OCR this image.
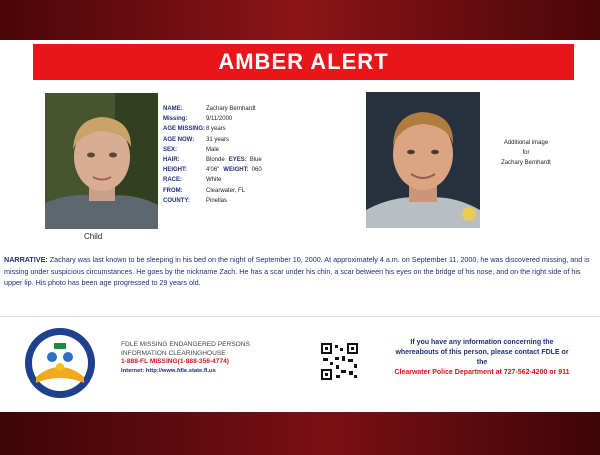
AMBER ALERT
Child
NAME:	Zachary Bernhardt
Missing:	9/11/2000
AGE MISSING:8 years
AGE NOW: 31 years
SEX:	Male
HAIR:	Blonde EYES: Blue
HEIGHT:	4'06" WEIGHT: 060
RACE:	White
FROM:	Clearwater, FL
COUNTY:	Pinellas
Additional image
for
Zachary Bernhardt
NARRATIVE: Zachary was last known to be sleeping in his bed on the night of September 10, 2000. At approximately 4 a.m. on September 11, 2000, he was discovered missing, and is missing under suspicious circumstances. He goes by the nickname Zach. He has a scar under his chin, a scar between his eyes on the bridge of his nose, and on the right side of his upper lip. His photo has been age progressed to 29 years old.
FDLE MISSING ENDANGERED PERSONS
INFORMATION CLEARINGHOUSE
1-888-FL MISSING(1-888-356-4774)
Internet: http://www.fdle.state.fl.us
If you have any information concerning the
whereabouts of this person, please contact FDLE or
the
Clearwater Police Department at 727-562-4200 or 911
